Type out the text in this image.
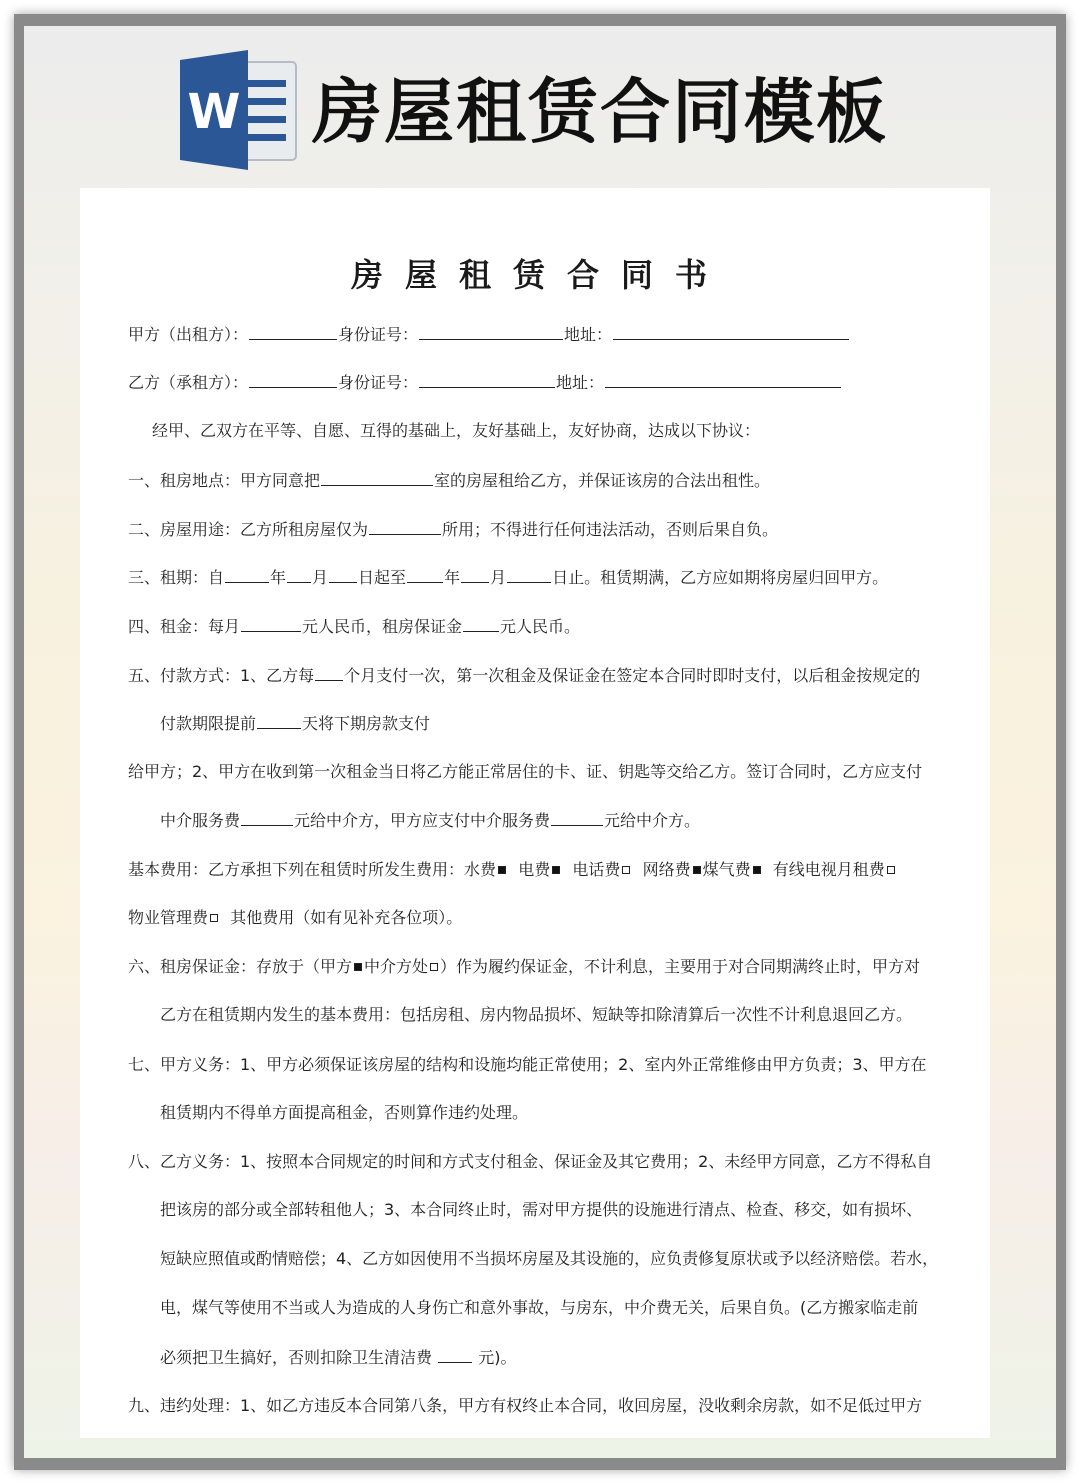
W 房屋租赁合同模板
房屋租赁合同书
甲方（出租方）：	身份证号：	地址：
乙方（承租方）：	身份证号：	地址：
经甲、乙双方在平等、自愿、互得的基础上，友好基础上，友好协商，达成以下协议：
一、租房地点：甲方同意把	室的房屋租给乙方，并保证该房的合法出租性。
二、房屋用途：乙方所租房屋仅为	所用；不得进行任何违法活动，否则后果自负。
三、租期：自	年 月 日起至 年 月	日止。租赁期满，乙方应如期将房屋归回甲方。
四、租金：每月	元人民币，租房保证金 元人民币。
五、付款方式：1、乙方每 个月支付一次，第一次租金及保证金在签定本合同时即时支付，以后租金按规定的
付款期限提前	天将下期房款支付
给甲方；2、甲方在收到第一次租金当日将乙方能正常居住的卡、证、钥匙等交给乙方。签订合同时，乙方应支付
中介服务费	元给中介方，甲方应支付中介服务费	元给中介方。
基本费用：乙方承担下列在租赁时所发生费用：水费 电费 电话费 网络费 煤气费 有线电视月租费
物业管理费 其他费用（如有见补充各位项）。
六、租房保证金：存放于（甲方 中介方处 ）作为履约保证金，不计利息，主要用于对合同期满终止时，甲方对
乙方在租赁期内发生的基本费用：包括房租、房内物品损坏、短缺等扣除清算后一次性不计利息退回乙方。
七、甲方义务：1、甲方必须保证该房屋的结构和设施均能正常使用；2、室内外正常维修由甲方负责；3、甲方在
租赁期内不得单方面提高租金，否则算作违约处理。
八、乙方义务：1、按照本合同规定的时间和方式支付租金、保证金及其它费用；2、未经甲方同意，乙方不得私自
把该房的部分或全部转租他人；3、本合同终止时，需对甲方提供的设施进行清点、检查、移交，如有损坏、
短缺应照值或酌情赔偿；4、乙方如因使用不当损坏房屋及其设施的，应负责修复原状或予以经济赔偿。若水，
电，煤气等使用不当或人为造成的人身伤亡和意外事故，与房东，中介费无关，后果自负。(乙方搬家临走前
必须把卫生搞好，否则扣除卫生清洁费	元)。
九、违约处理：1、如乙方违反本合同第八条，甲方有权终止本合同，收回房屋，没收剩余房款，如不足低过甲方
